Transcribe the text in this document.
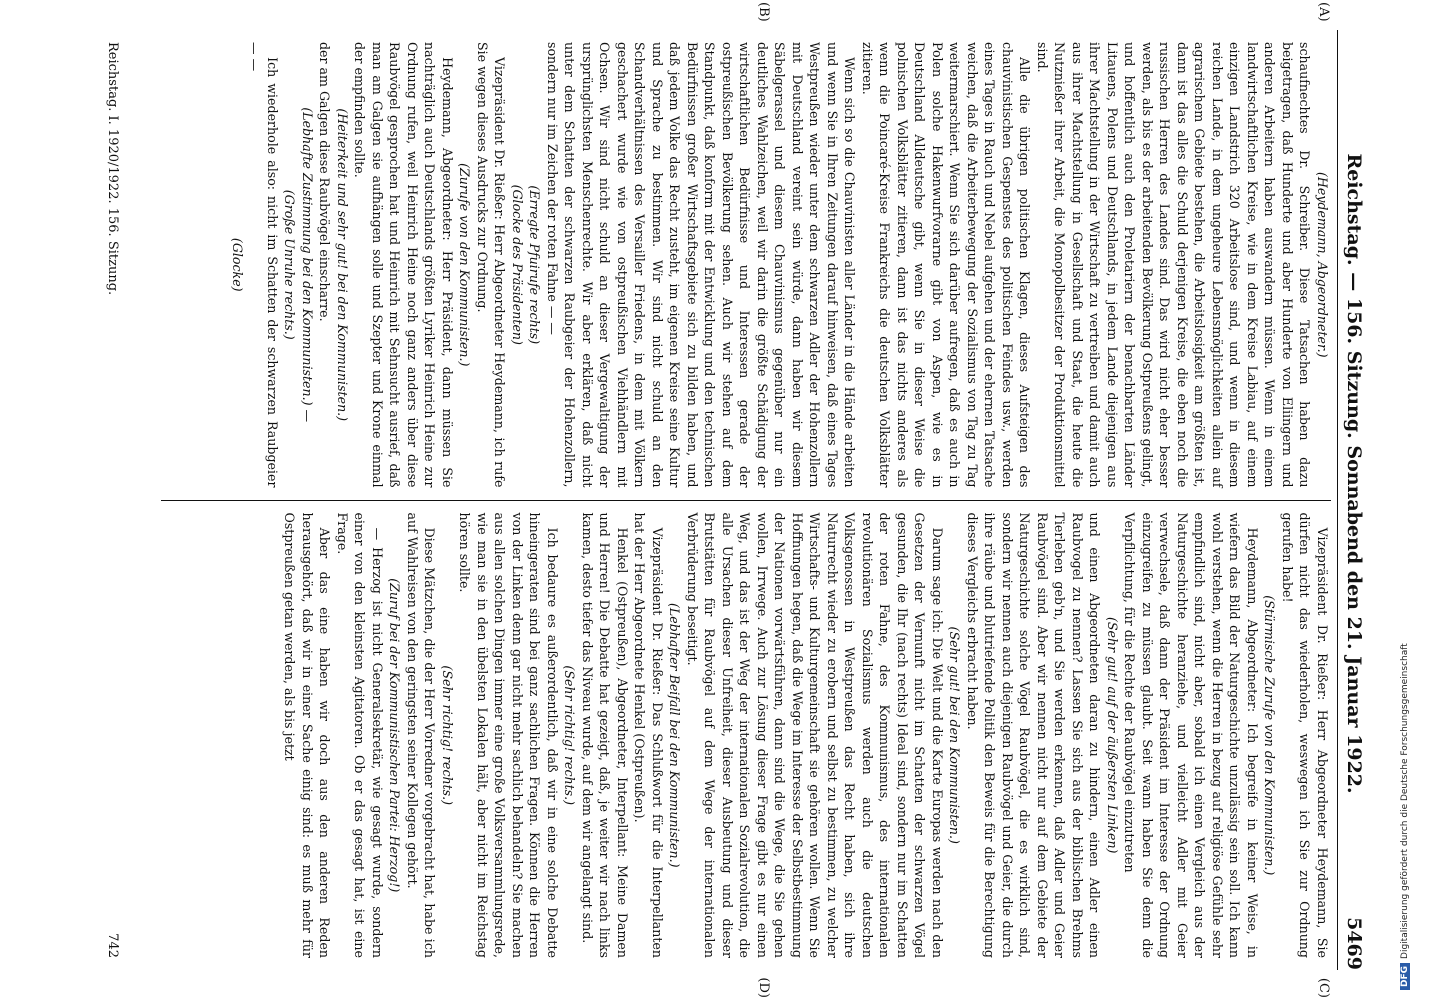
Reichstag. — 156. Sitzung. Sonnabend den 21. Januar 1922.
5469
(A)
(B)
(C)
(D)

(Heydemann, Abgeordneter.)

schaufnechtes Dr. Schreiber. Diese Tatsachen haben dazu beigetragen, daß Hunderte und aber Hunderte von Eliingern und anderen Arbeitern haben auswandern müssen. Wenn in einem landwirtschaftlichen Kreise, wie in dem Kreise Labiau, auf einem einzigen Landstrich 320 Arbeitslose sind, und wenn in diesem reichen Lande, in dem ungeheure Lebensmöglichkeiten allein auf agrarischem Gebiete bestehen, die Arbeitslosigkeit am größten ist, dann ist das alles die Schuld derjenigen Kreise, die eben noch die russischen Herren des Landes sind. Das wird nicht eher besser werden, als bis es der arbeitenden Bevölkerung Ostpreußens gelingt, und hoffentlich auch den Proletariern der benachbarten Länder Litauens, Polens und Deutschlands, in jedem Lande diejenigen aus ihrer Machtstellung in der Wirtschaft zu vertreiben und damit auch aus ihrer Machtstellung in Gesellschaft und Staat, die heute die Nutznießer ihrer Arbeit, die Monopolbesitzer der Produktionsmittel sind.

Alle die übrigen politischen Klagen, dieses Aufsteigen des chauvinistischen Gespenstes des politischen Feindes usw., werden eines Tages in Rauch und Nebel aufgehen und der ehernen Tatsache weichen, daß die Arbeiterbewegung der Sozialismus von Tag zu Tag weitermarschiert. Wenn Sie sich darüber aufregen, daß es auch in Polen solche Hakenwurfvorarne gibt von Aspen, wie es in Deutschland Alldeutsche gibt, wenn Sie in dieser Weise die polnischen Volksblätter zitieren, dann ist das nichts anderes als wenn die Poincaré-Kreise Frankreichs die deutschen Volksblätter zitieren.

Wenn sich so die Chauvinisten aller Länder in die Hände arbeiten und wenn Sie in Ihren Zeitungen darauf hinweisen, daß eines Tages Westpreußen wieder unter dem schwarzen Adler der Hohenzollern mit Deutschland vereint sein würde, dann haben wir diesem Säbelgerassel und diesem Chauvinismus gegenüber nur ein deutliches Wahlzeichen, weil wir darin die größte Schädigung der wirtschaftlichen Bedürfnisse und Interessen gerade der ostpreußischen Bevölkerung sehen. Auch wir stehen auf dem Standpunkt, daß konform mit der Entwicklung und den technischen Bedürfnissen großer Wirtschaftsgebiete sich zu bilden haben, und daß jedem Volke das Recht zusteht, im eigenen Kreise seine Kultur und Sprache zu bestimmen. Wir sind nicht schuld an den Schandverhältnissen des Versailler Friedens, in dem mit Völkern geschachert wurde wie von ostpreußischen Viehhändlern mit Ochsen. Wir sind nicht schuld an dieser Vergewaltigung der ursprünglichsten Menschenrechte. Wir aber erklären, daß nicht unter dem Schatten der schwarzen Raubgeier der Hohenzollern, sondern nur im Zeichen der roten Fahne — —

(Erregte Pfuirufe rechts)

(Glocke des Präsidenten)

Vizepräsident Dr. Rießer: Herr Abgeordneter Heydemann, ich rufe Sie wegen dieses Ausdrucks zur Ordnung.

(Zurufe von den Kommunisten.)

Heydemann, Abgeordneter: Herr Präsident, dann müssen Sie nachträglich auch Deutschlands größten Lyriker Heinrich Heine zur Ordnung rufen, weil Heinrich Heine noch ganz anders über diese Raubvögel gesprochen hat und Heinrich mit Sehnsucht ausrief, daß man am Galgen sie aufhängen solle und Szepter und Krone einmal der empfinden sollte.

(Heiterkeit und sehr gut! bei den Kommunisten.)

der am Galgen diese Raubvögel einscharre.

(Lebhafte Zustimmung bei den Kommunisten.) —

(Große Unruhe rechts.)

Ich wiederhole also: nicht im Schatten der schwarzen Raubgeier — —

(Glocke)

Vizepräsident Dr. Rießer: Herr Abgeordneter Heydemann, Sie dürfen nicht das wiederholen, weswegen ich Sie zur Ordnung gerufen habe!

(Stürmische Zurufe von den Kommunisten.)

Heydemann, Abgeordneter: Ich begreife in keiner Weise, in wiefern das Bild der Naturgeschichte unzulässig sein soll. Ich kann wohl verstehen, wenn die Herren in bezug auf religiöse Gefühle sehr empfindlich sind, nicht aber, sobald ich einen Vergleich aus der Naturgeschichte heranziehe, und vielleicht Adler mit Geier verwechsele, daß dann der Präsident im Interesse der Ordnung einzugreifen zu müssen glaubt. Seit wann haben Sie denn die Verpflichtung, für die Rechte der Raubvögel einzutreten

(Sehr gut! auf der äußersten Linken)

und einen Abgeordneten daran zu hindern, einen Adler einen Raubvogel zu nennen? Lassen Sie sich aus der biblischen Brehms Tierleben geb'n, und Sie werden erkennen, daß Adler und Geier Raubvögel sind. Aber wir nennen nicht nur auf dem Gebiete der Naturgeschichte solche Vögel Raubvögel, die es wirklich sind, sondern wir nennen auch diejenigen Raubvögel und Geier, die durch ihre räube und blutriefende Politik den Beweis für die Berechtigung dieses Vergleichs erbracht haben.

(Sehr gut! bei den Kommunisten.)

Darum sage ich: Die Welt und die Karte Europas werden nach den Gesetzen der Vernunft nicht im Schatten der schwarzen Vögel gesunden, die Ihr (nach rechts) Ideal sind, sondern nur im Schatten der roten Fahne, des Kommunismus, des internationalen revolutionären Sozialismus werden auch die deutschen Volksgenossen in Westpreußen das Recht haben, sich ihre Naturrecht wieder zu erobern und selbst zu bestimmen, zu welcher Wirtschafts- und Kulturgemeinschaft sie gehören wollen. Wenn Sie Hoffnungen hegen, daß die Wege im Interesse der Selbstbestimmung der Nationen vorwärtsführen, dann sind die Wege, die Sie gehen wollen, Irrwege. Auch zur Lösung dieser Frage gibt es nur einen Weg, und das ist der Weg der internationalen Sozialrevolution, die alle Ursachen dieser Unfreiheit, dieser Ausbeutung und dieser Brutstätten für Raubvögel auf dem Wege der internationalen Verbrüderung beseitigt.

(Lebhafter Beifall bei den Kommunisten.)

Vizepräsident Dr. Rießer: Das Schlußwort für die Interpellanten hat der Herr Abgeordnete Henkel (Ostpreußen).

Henkel (Ostpreußen), Abgeordneter, Interpellant: Meine Damen und Herren! Die Debatte hat gezeigt, daß, je weiter wir nach links kamen, desto tiefer das Niveau wurde, auf dem wir angelangt sind.

(Sehr richtig! rechts.)

Ich bedaure es außerordentlich, daß wir in eine solche Debatte hineingeraten sind bei ganz sachlichen Fragen. Können die Herren von der Linken denn gar nicht mehr sachlich behandeln? Sie machen aus allen solchen Dingen immer eine große Volksversammlungsrede, wie man sie in den übelsten Lokalen hält, aber nicht im Reichstag hören sollte.

(Sehr richtig! rechts.)

Diese Mätzchen, die der Herr Vorredner vorgebracht hat, habe ich auf Wahlreisen von den geringsten seiner Kollegen gehört.

(Zuruf bei der Kommunistischen Partei: Herzog!)

— Herzog ist nicht Generalsekretär, wie gesagt wurde, sondern einer von den kleinsten Agitatoren. Ob er das gesagt hat, ist eine Frage.

Aber das eine haben wir doch aus den anderen Reden herausgehört, daß wir in einer Sache einig sind: es muß mehr für Ostpreußen getan werden, als bis jetzt

Reichstag. I. 1920/1922. 156. Sitzung.
742
DFGDigitalisierung gefördert durch die Deutsche Forschungsgemeinschaft
